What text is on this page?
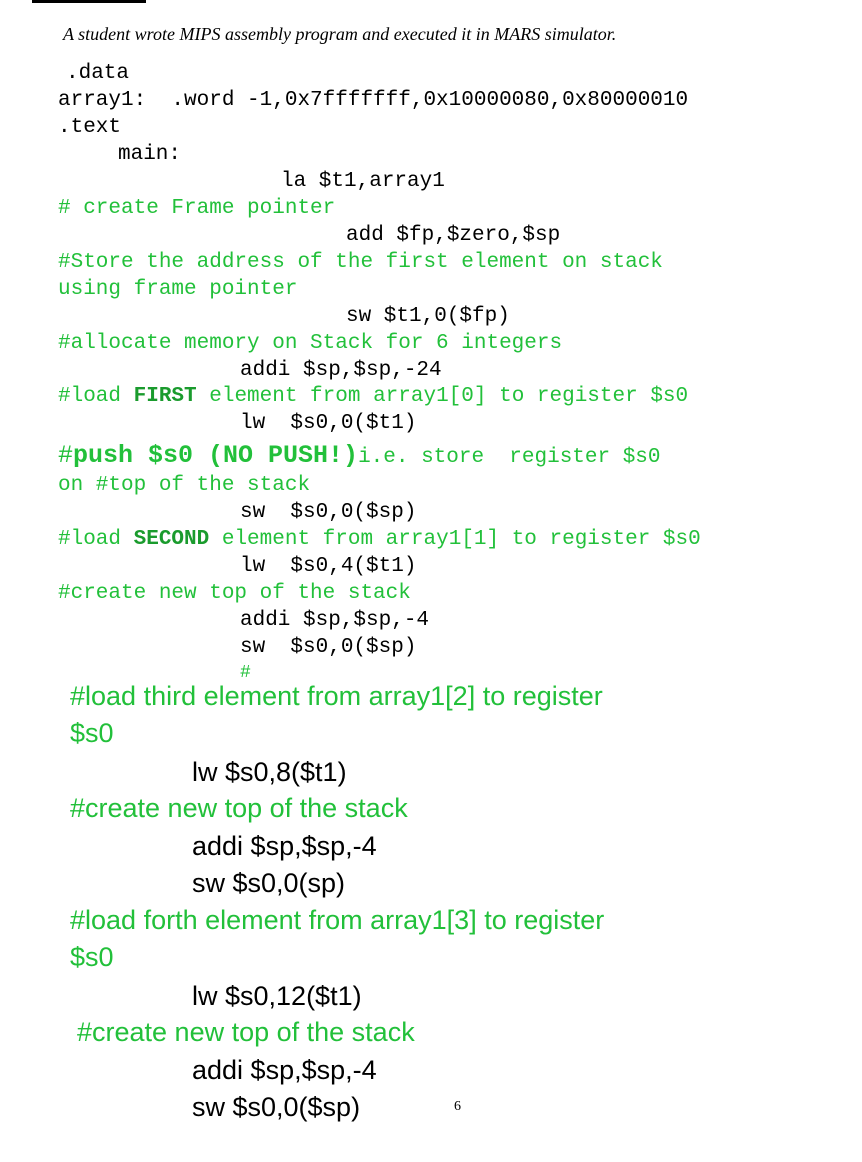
A student wrote MIPS assembly program and executed it in MARS simulator.
.data
array1:  .word -1,0x7fffffff,0x10000080,0x80000010
.text
main:
la $t1,array1
# create Frame pointer
add $fp,$zero,$sp
#Store the address of the first element on stack
using frame pointer
sw $t1,0($fp)
#allocate memory on Stack for 6 integers
addi $sp,$sp,-24
#load FIRST element from array1[0] to register $s0
lw  $s0,0($t1)
#push $s0 (NO PUSH!)i.e. store  register $s0
on #top of the stack
sw  $s0,0($sp)
#load SECOND element from array1[1] to register $s0
lw  $s0,4($t1)
#create new top of the stack
addi $sp,$sp,-4
sw  $s0,0($sp)
#
#load third element from array1[2] to register
$s0
lw $s0,8($t1)
#create new top of the stack
addi $sp,$sp,-4
sw $s0,0(sp)
#load forth element from array1[3] to register
$s0
lw $s0,12($t1)
#create new top of the stack
addi $sp,$sp,-4
sw $s0,0($sp)	6
